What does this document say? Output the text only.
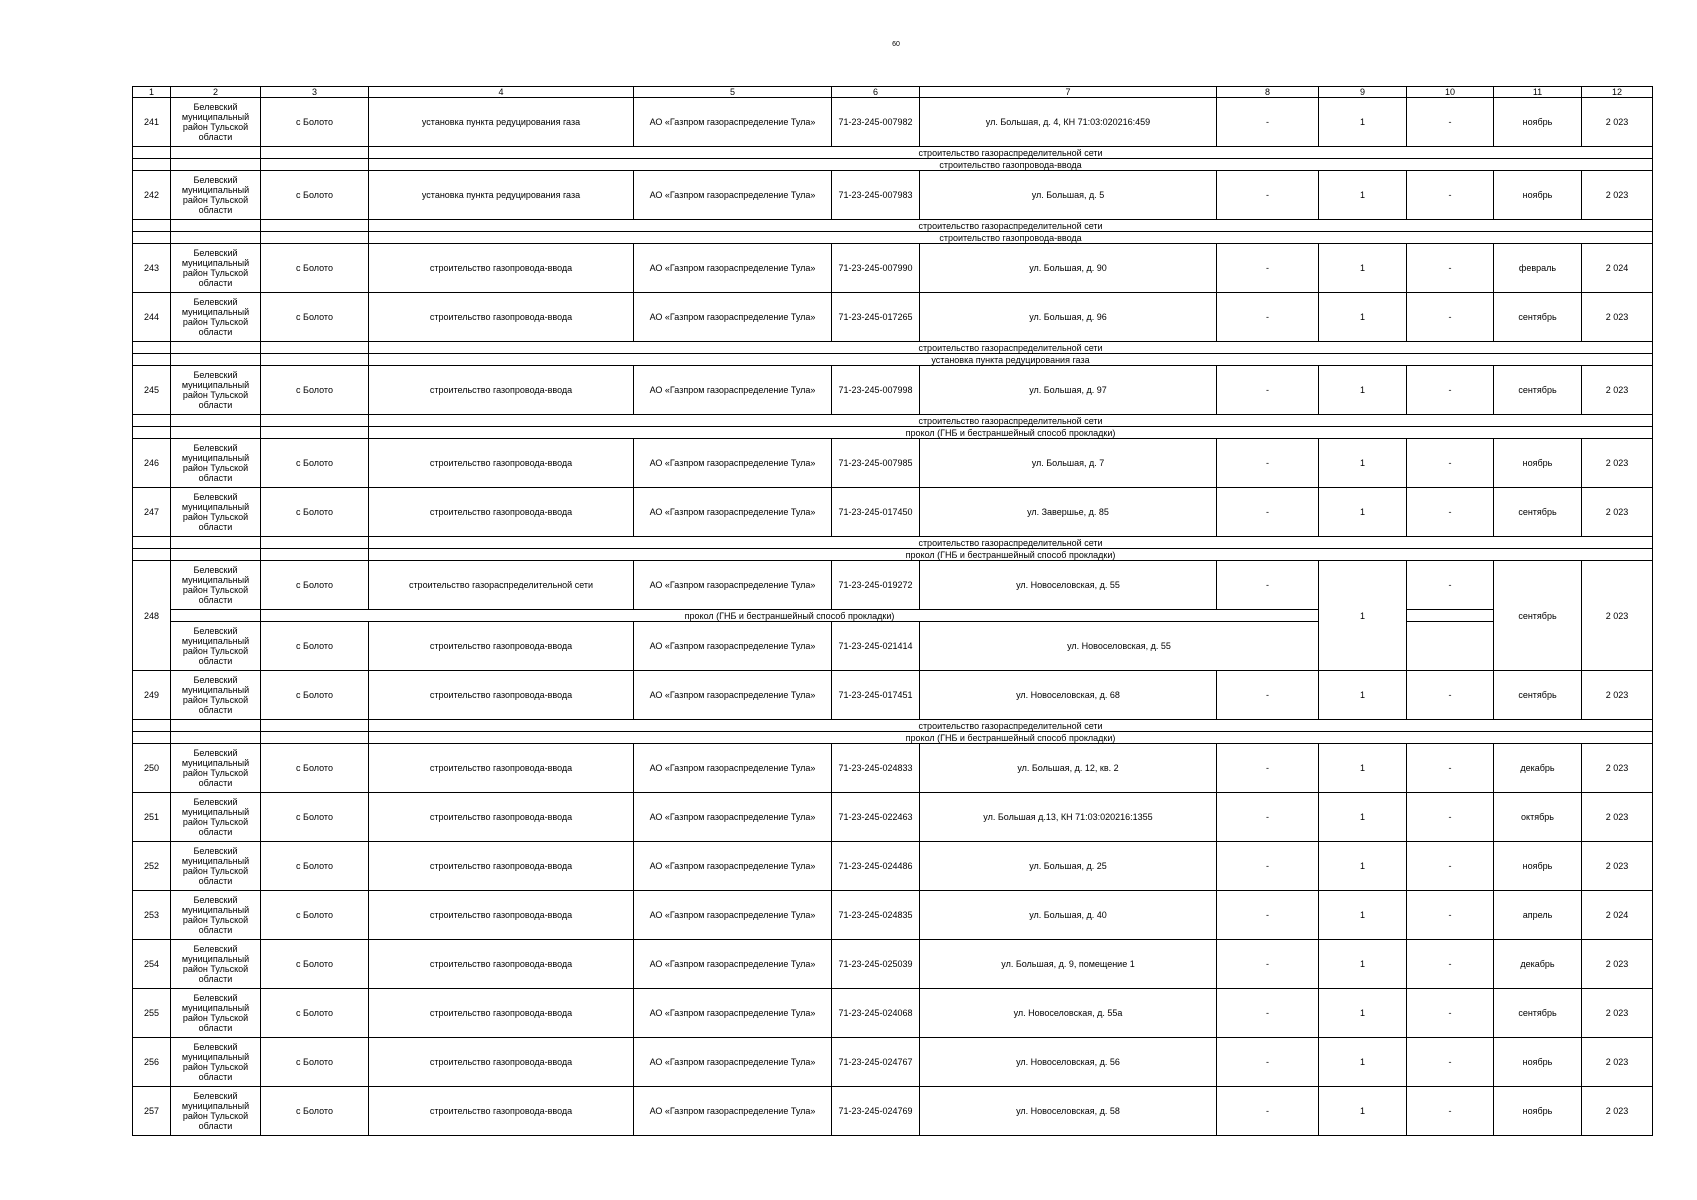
60
1	2	3	4	5	6	7	8	9	10	11	12
241	Белевский муниципальный район Тульской области	с Болото	установка пункта редуцирования газа	АО «Газпром газораспределение Тула»	71-23-245-007982	ул. Большая, д. 4, КН 71:03:020216:459	-	1	-	ноябрь	2 023
			строительство газораспределительной сети								
			строительство газопровода-ввода								
242	Белевский муниципальный район Тульской области	с Болото	установка пункта редуцирования газа	АО «Газпром газораспределение Тула»	71-23-245-007983	ул. Большая, д. 5	-	1	-	ноябрь	2 023
			строительство газораспределительной сети								
			строительство газопровода-ввода								
243	Белевский муниципальный район Тульской области	с Болото	строительство газопровода-ввода	АО «Газпром газораспределение Тула»	71-23-245-007990	ул. Большая, д. 90	-	1	-	февраль	2 024
244	Белевский муниципальный район Тульской области	с Болото	строительство газопровода-ввода	АО «Газпром газораспределение Тула»	71-23-245-017265	ул. Большая, д. 96	-	1	-	сентябрь	2 023
			строительство газораспределительной сети								
			установка пункта редуцирования газа								
245	Белевский муниципальный район Тульской области	с Болото	строительство газопровода-ввода	АО «Газпром газораспределение Тула»	71-23-245-007998	ул. Большая, д. 97	-	1	-	сентябрь	2 023
			строительство газораспределительной сети								
			прокол (ГНБ и бестраншейный способ прокладки)								
246	Белевский муниципальный район Тульской области	с Болото	строительство газопровода-ввода	АО «Газпром газораспределение Тула»	71-23-245-007985	ул. Большая, д. 7	-	1	-	ноябрь	2 023
247	Белевский муниципальный район Тульской области	с Болото	строительство газопровода-ввода	АО «Газпром газораспределение Тула»	71-23-245-017450	ул. Завершье, д. 85	-	1	-	сентябрь	2 023
			строительство газораспределительной сети								
			прокол (ГНБ и бестраншейный способ прокладки)								
248	Белевский муниципальный район Тульской области	с Болото	строительство газораспределительной сети	АО «Газпром газораспределение Тула»	71-23-245-019272	ул. Новоселовская, д. 55	-	1	-	сентябрь	2 023
		прокол (ГНБ и бестраншейный способ прокладки)									
	Белевский муниципальный район Тульской области	с Болото	строительство газопровода-ввода	АО «Газпром газораспределение Тула»	71-23-245-021414	ул. Новоселовская, д. 55					
249	Белевский муниципальный район Тульской области	с Болото	строительство газопровода-ввода	АО «Газпром газораспределение Тула»	71-23-245-017451	ул. Новоселовская, д. 68	-	1	-	сентябрь	2 023
			строительство газораспределительной сети								
			прокол (ГНБ и бестраншейный способ прокладки)								
250	Белевский муниципальный район Тульской области	с Болото	строительство газопровода-ввода	АО «Газпром газораспределение Тула»	71-23-245-024833	ул. Большая, д. 12, кв. 2	-	1	-	декабрь	2 023
251	Белевский муниципальный район Тульской области	с Болото	строительство газопровода-ввода	АО «Газпром газораспределение Тула»	71-23-245-022463	ул. Большая д.13, КН 71:03:020216:1355	-	1	-	октябрь	2 023
252	Белевский муниципальный район Тульской области	с Болото	строительство газопровода-ввода	АО «Газпром газораспределение Тула»	71-23-245-024486	ул. Большая, д. 25	-	1	-	ноябрь	2 023
253	Белевский муниципальный район Тульской области	с Болото	строительство газопровода-ввода	АО «Газпром газораспределение Тула»	71-23-245-024835	ул. Большая, д. 40	-	1	-	апрель	2 024
254	Белевский муниципальный район Тульской области	с Болото	строительство газопровода-ввода	АО «Газпром газораспределение Тула»	71-23-245-025039	ул. Большая, д. 9, помещение 1	-	1	-	декабрь	2 023
255	Белевский муниципальный район Тульской области	с Болото	строительство газопровода-ввода	АО «Газпром газораспределение Тула»	71-23-245-024068	ул. Новоселовская, д. 55а	-	1	-	сентябрь	2 023
256	Белевский муниципальный район Тульской области	с Болото	строительство газопровода-ввода	АО «Газпром газораспределение Тула»	71-23-245-024767	ул. Новоселовская, д. 56	-	1	-	ноябрь	2 023
257	Белевский муниципальный район Тульской области	с Болото	строительство газопровода-ввода	АО «Газпром газораспределение Тула»	71-23-245-024769	ул. Новоселовская, д. 58	-	1	-	ноябрь	2 023
